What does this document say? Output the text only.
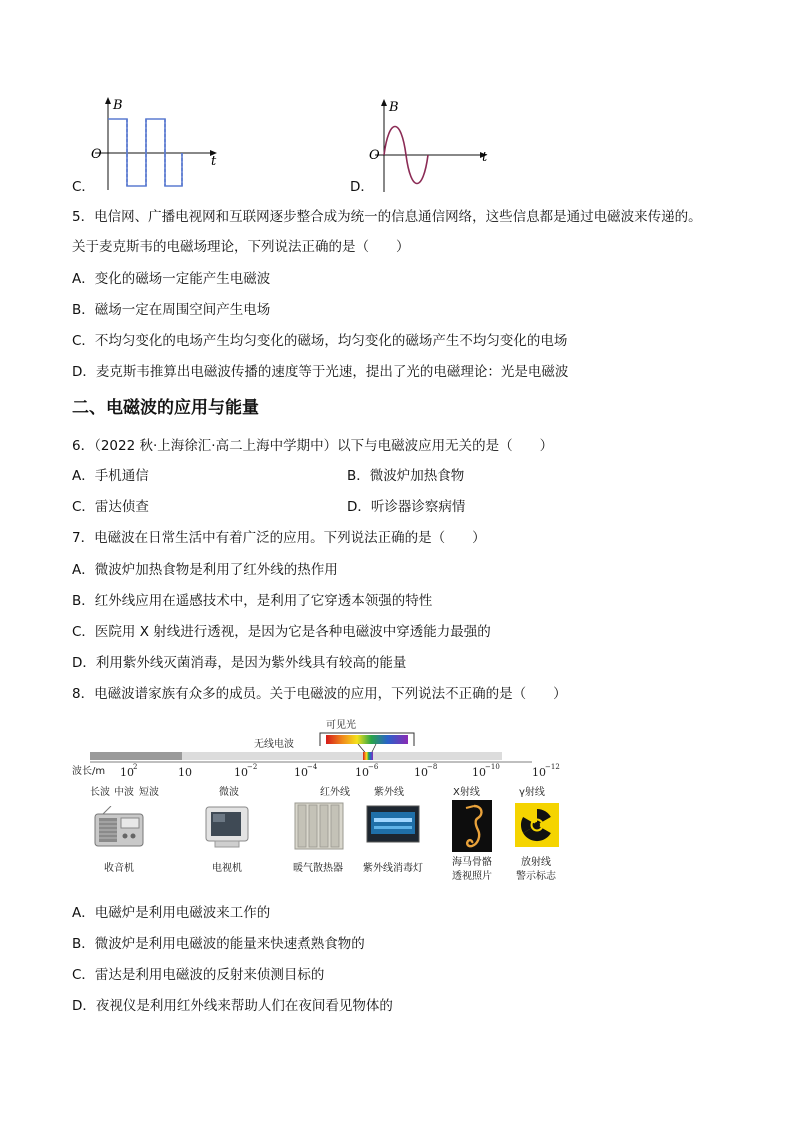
B
O	t
C．
B
O	t
D．
5．电信网、广播电视网和互联网逐步整合成为统一的信息通信网络，这些信息都是通过电磁波来传递的。
关于麦克斯韦的电磁场理论，下列说法正确的是（　　）
A．变化的磁场一定能产生电磁波
B．磁场一定在周围空间产生电场
C．不均匀变化的电场产生均匀变化的磁场，均匀变化的磁场产生不均匀变化的电场
D．麦克斯韦推算出电磁波传播的速度等于光速，提出了光的电磁理论：光是电磁波
二、电磁波的应用与能量
6．（2022 秋·上海徐汇·高二上海中学期中）以下与电磁波应用无关的是（　　）
A．手机通信	B．微波炉加热食物
C．雷达侦查	D．听诊器诊察病情
7．电磁波在日常生活中有着广泛的应用。下列说法正确的是（　　）
A．微波炉加热食物是利用了红外线的热作用
B．红外线应用在遥感技术中，是利用了它穿透本领强的特性
C．医院用 X 射线进行透视，是因为它是各种电磁波中穿透能力最强的
D．利用紫外线灭菌消毒，是因为紫外线具有较高的能量
8．电磁波谱家族有众多的成员。关于电磁波的应用，下列说法不正确的是（　　）
可见光
无线电波
波长/m 10 2	10	10 −2	10 −4	10 −6	10 −8	10 −10	10 −12
长波 中波 短波	微波	红外线 紫外线	X射线	γ射线
收音机	电视机	暖气散热器	紫外线消毒灯
海马骨骼
透视照片
放射线
警示标志
A．电磁炉是利用电磁波来工作的
B．微波炉是利用电磁波的能量来快速煮熟食物的
C．雷达是利用电磁波的反射来侦测目标的
D．夜视仪是利用红外线来帮助人们在夜间看见物体的
